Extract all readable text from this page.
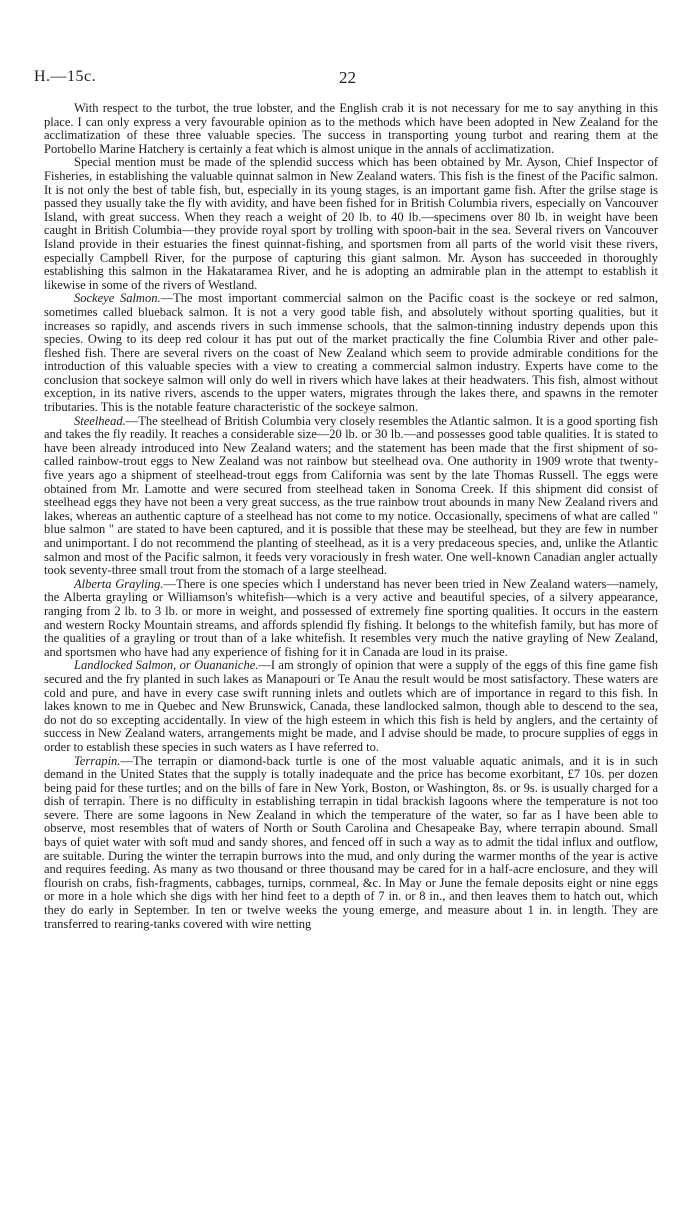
H.—15c.	22

With respect to the turbot, the true lobster, and the English crab it is not necessary for me to say anything in this place. I can only express a very favourable opinion as to the methods which have been adopted in New Zealand for the acclimatization of these three valuable species. The success in transporting young turbot and rearing them at the Portobello Marine Hatchery is certainly a feat which is almost unique in the annals of acclimatization.

Special mention must be made of the splendid success which has been obtained by Mr. Ayson, Chief Inspector of Fisheries, in establishing the valuable quinnat salmon in New Zealand waters. This fish is the finest of the Pacific salmon. It is not only the best of table fish, but, especially in its young stages, is an important game fish. After the grilse stage is passed they usually take the fly with avidity, and have been fished for in British Columbia rivers, especially on Vancouver Island, with great success. When they reach a weight of 20 lb. to 40 lb.—specimens over 80 lb. in weight have been caught in British Columbia—they provide royal sport by trolling with spoon-bait in the sea. Several rivers on Vancouver Island provide in their estuaries the finest quinnat-fishing, and sportsmen from all parts of the world visit these rivers, especially Campbell River, for the purpose of capturing this giant salmon. Mr. Ayson has succeeded in thoroughly establishing this salmon in the Hakataramea River, and he is adopting an admirable plan in the attempt to establish it likewise in some of the rivers of Westland.

Sockeye Salmon.—The most important commercial salmon on the Pacific coast is the sockeye or red salmon, sometimes called blueback salmon. It is not a very good table fish, and absolutely without sporting qualities, but it increases so rapidly, and ascends rivers in such immense schools, that the salmon-tinning industry depends upon this species. Owing to its deep red colour it has put out of the market practically the fine Columbia River and other pale-fleshed fish. There are several rivers on the coast of New Zealand which seem to provide admirable conditions for the introduction of this valuable species with a view to creating a commercial salmon industry. Experts have come to the conclusion that sockeye salmon will only do well in rivers which have lakes at their headwaters. This fish, almost without exception, in its native rivers, ascends to the upper waters, migrates through the lakes there, and spawns in the remoter tributaries. This is the notable feature characteristic of the sockeye salmon.

Steelhead.—The steelhead of British Columbia very closely resembles the Atlantic salmon. It is a good sporting fish and takes the fly readily. It reaches a considerable size—20 lb. or 30 lb.—and possesses good table qualities. It is stated to have been already introduced into New Zealand waters; and the statement has been made that the first shipment of so-called rainbow-trout eggs to New Zealand was not rainbow but steelhead ova. One authority in 1909 wrote that twenty-five years ago a shipment of steelhead-trout eggs from California was sent by the late Thomas Russell. The eggs were obtained from Mr. Lamotte and were secured from steelhead taken in Sonoma Creek. If this shipment did consist of steelhead eggs they have not been a very great success, as the true rainbow trout abounds in many New Zealand rivers and lakes, whereas an authentic capture of a steelhead has not come to my notice. Occasionally, specimens of what are called " blue salmon " are stated to have been captured, and it is possible that these may be steelhead, but they are few in number and unimportant. I do not recommend the planting of steelhead, as it is a very predaceous species, and, unlike the Atlantic salmon and most of the Pacific salmon, it feeds very voraciously in fresh water. One well-known Canadian angler actually took seventy-three small trout from the stomach of a large steelhead.

Alberta Grayling.—There is one species which I understand has never been tried in New Zealand waters—namely, the Alberta grayling or Williamson's whitefish—which is a very active and beautiful species, of a silvery appearance, ranging from 2 lb. to 3 lb. or more in weight, and possessed of extremely fine sporting qualities. It occurs in the eastern and western Rocky Mountain streams, and affords splendid fly fishing. It belongs to the whitefish family, but has more of the qualities of a grayling or trout than of a lake whitefish. It resembles very much the native grayling of New Zealand, and sportsmen who have had any experience of fishing for it in Canada are loud in its praise.

Landlocked Salmon, or Ouananiche.—I am strongly of opinion that were a supply of the eggs of this fine game fish secured and the fry planted in such lakes as Manapouri or Te Anau the result would be most satisfactory. These waters are cold and pure, and have in every case swift running inlets and outlets which are of importance in regard to this fish. In lakes known to me in Quebec and New Brunswick, Canada, these landlocked salmon, though able to descend to the sea, do not do so excepting accidentally. In view of the high esteem in which this fish is held by anglers, and the certainty of success in New Zealand waters, arrangements might be made, and I advise should be made, to procure supplies of eggs in order to establish these species in such waters as I have referred to.

Terrapin.—The terrapin or diamond-back turtle is one of the most valuable aquatic animals, and it is in such demand in the United States that the supply is totally inadequate and the price has become exorbitant, £7 10s. per dozen being paid for these turtles; and on the bills of fare in New York, Boston, or Washington, 8s. or 9s. is usually charged for a dish of terrapin. There is no difficulty in establishing terrapin in tidal brackish lagoons where the temperature is not too severe. There are some lagoons in New Zealand in which the temperature of the water, so far as I have been able to observe, most resembles that of waters of North or South Carolina and Chesapeake Bay, where terrapin abound. Small bays of quiet water with soft mud and sandy shores, and fenced off in such a way as to admit the tidal influx and outflow, are suitable. During the winter the terrapin burrows into the mud, and only during the warmer months of the year is active and requires feeding. As many as two thousand or three thousand may be cared for in a half-acre enclosure, and they will flourish on crabs, fish-fragments, cabbages, turnips, cornmeal, &c. In May or June the female deposits eight or nine eggs or more in a hole which she digs with her hind feet to a depth of 7 in. or 8 in., and then leaves them to hatch out, which they do early in September. In ten or twelve weeks the young emerge, and measure about 1 in. in length. They are transferred to rearing-tanks covered with wire netting
